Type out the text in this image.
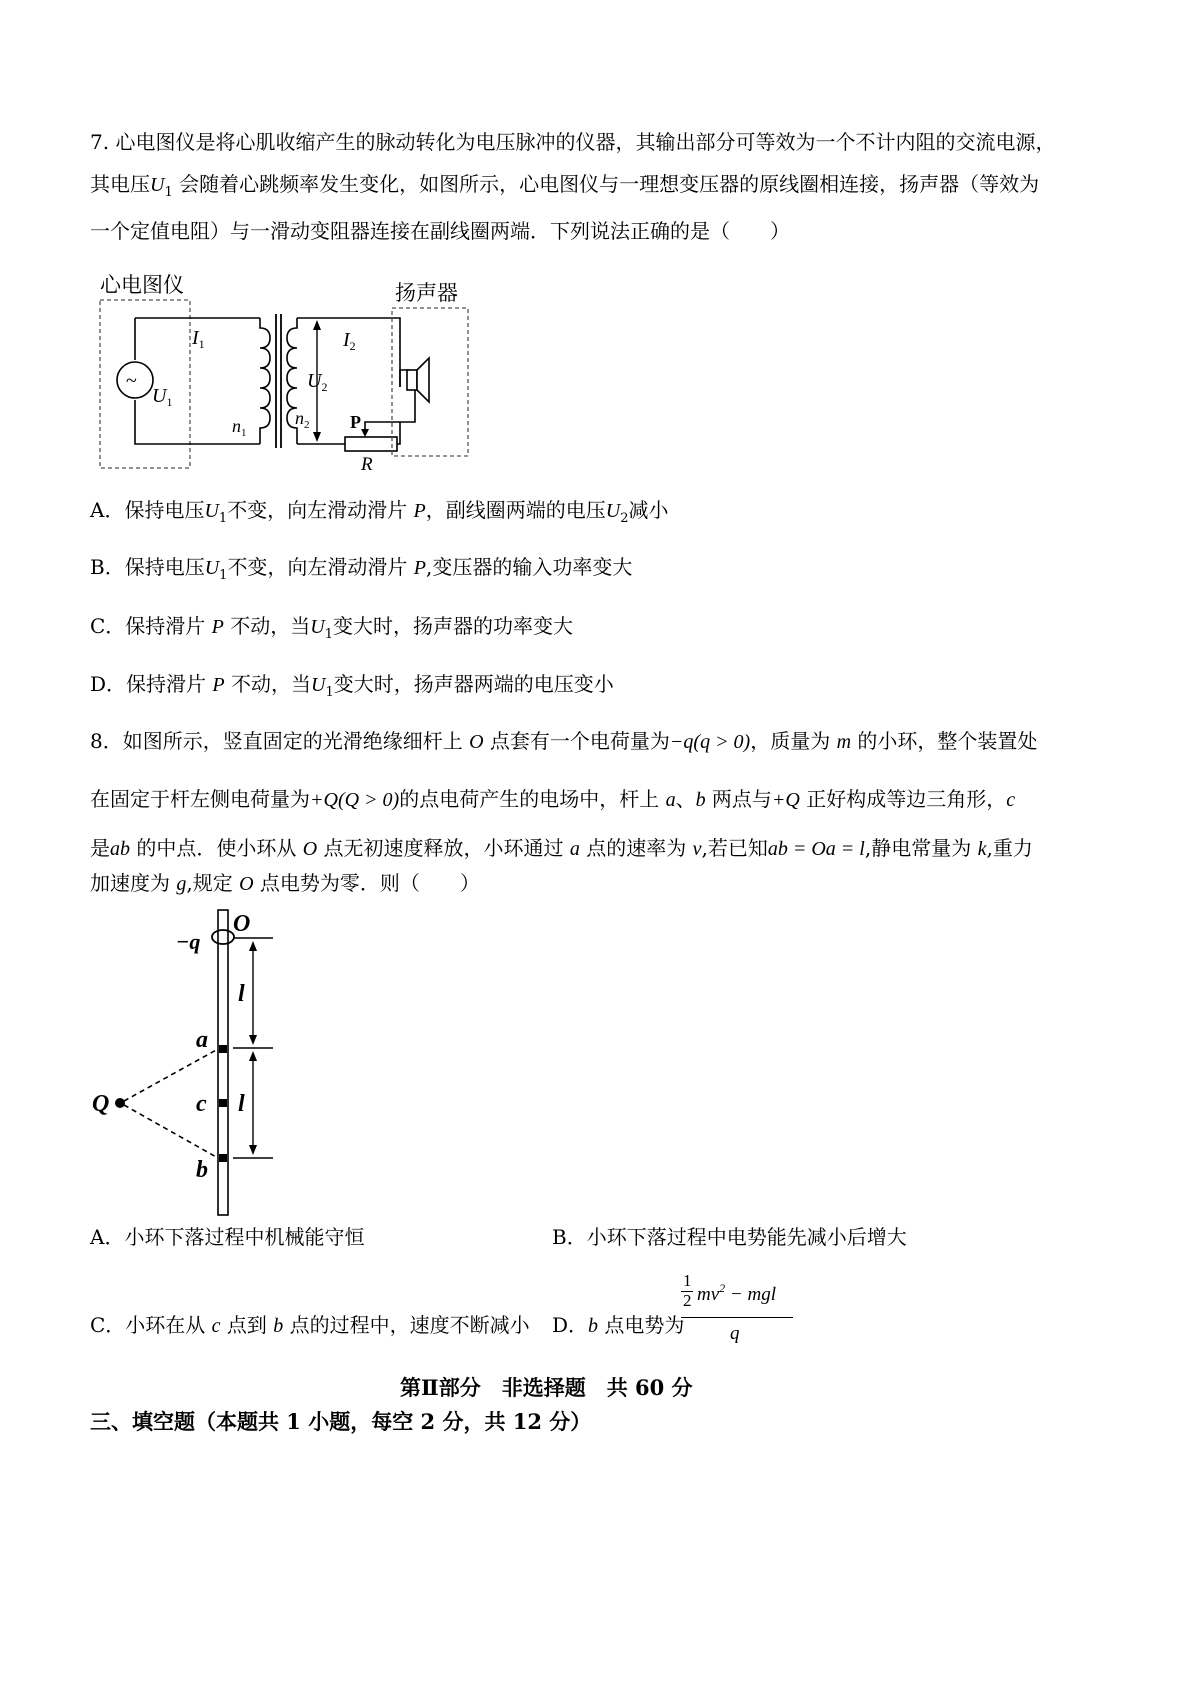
7. 心电图仪是将心肌收缩产生的脉动转化为电压脉冲的仪器，其输出部分可等效为一个不计内阻的交流电源，
其电压$U_1$ 会随着心跳频率发生变化，如图所示，心电图仪与一理想变压器的原线圈相连接，扬声器（等效为
一个定值电阻）与一滑动变阻器连接在副线圈两端．下列说法正确的是（　　）
心电图仪
~
$U_1$
$I_1$
$n_1$
$n_2$
$U_2$
$I_2$
P
R
扬声器
A．保持电压$U_1$不变，向左滑动滑片 P，副线圈两端的电压$U_2$减小
B．保持电压$U_1$不变，向左滑动滑片 P,变压器的输入功率变大
C．保持滑片 P 不动，当$U_1$变大时，扬声器的功率变大
D．保持滑片 P 不动，当$U_1$变大时，扬声器两端的电压变小
8．如图所示，竖直固定的光滑绝缘细杆上 O 点套有一个电荷量为−q(q > 0)，质量为 m 的小环，整个装置处
在固定于杆左侧电荷量为+Q(Q > 0)的点电荷产生的电场中，杆上 a、b 两点与+Q 正好构成等边三角形，c
是ab 的中点．使小环从 O 点无初速度释放，小环通过 a 点的速率为 v,若已知ab = Oa = l,静电常量为 k,重力
加速度为 g,规定 O 点电势为零．则（　　）
O
−q
l
l
a
c
b
Q
A．小环下落过程中机械能守恒	B．小环下落过程中电势能先减小后增大
C．小环在从 c 点到 b 点的过程中，速度不断减小 D．b 点电势为
1
2 $mv^2$ − mgl
q
第Ⅱ部分　非选择题　共 60 分
三、填空题（本题共 1 小题，每空 2 分，共 12 分）
